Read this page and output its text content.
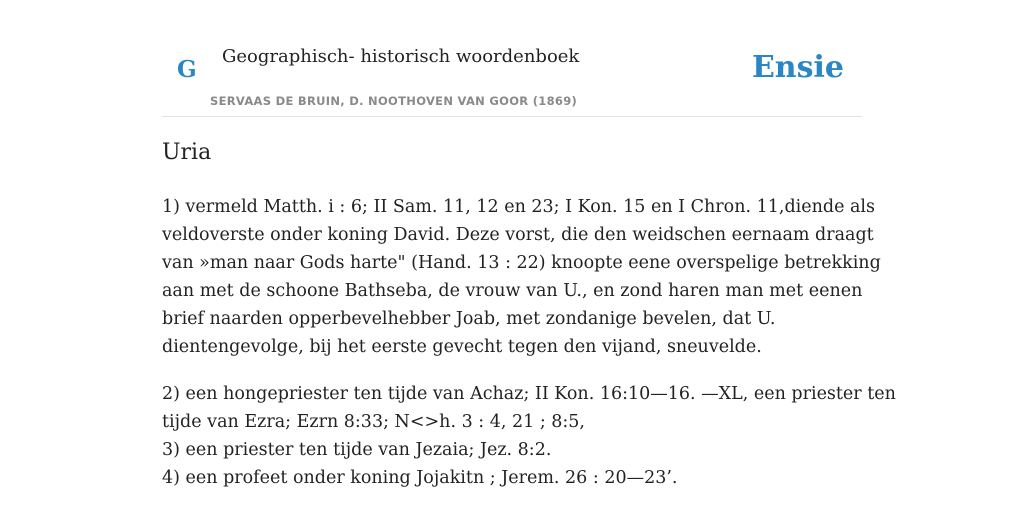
G Geographisch- historisch woordenboek
SERVAAS DE BRUIN, D. NOOTHOVEN VAN GOOR (1869)
Ensie
Uria

1) vermeld Matth. i : 6; II Sam. 11, 12 en 23; I Kon. 15 en I Chron. 11,diende als
veldoverste onder koning David. Deze vorst, die den weidschen eernaam draagt
van »man naar Gods harte" (Hand. 13 : 22) knoopte eene overspelige betrekking
aan met de schoone Bathseba, de vrouw van U., en zond haren man met eenen
brief naarden opperbevelhebber Joab, met zondanige bevelen, dat U.
dientengevolge, bij het eerste gevecht tegen den vijand, sneuvelde.

2) een hongepriester ten tijde van Achaz; II Kon. 16:10—16. —XL, een priester ten
tijde van Ezra; Ezrn 8:33; N<>h. 3 : 4, 21 ; 8:5,
3) een priester ten tijde van Jezaia; Jez. 8:2.
4) een profeet onder koning Jojakitn ; Jerem. 26 : 20—23’.
